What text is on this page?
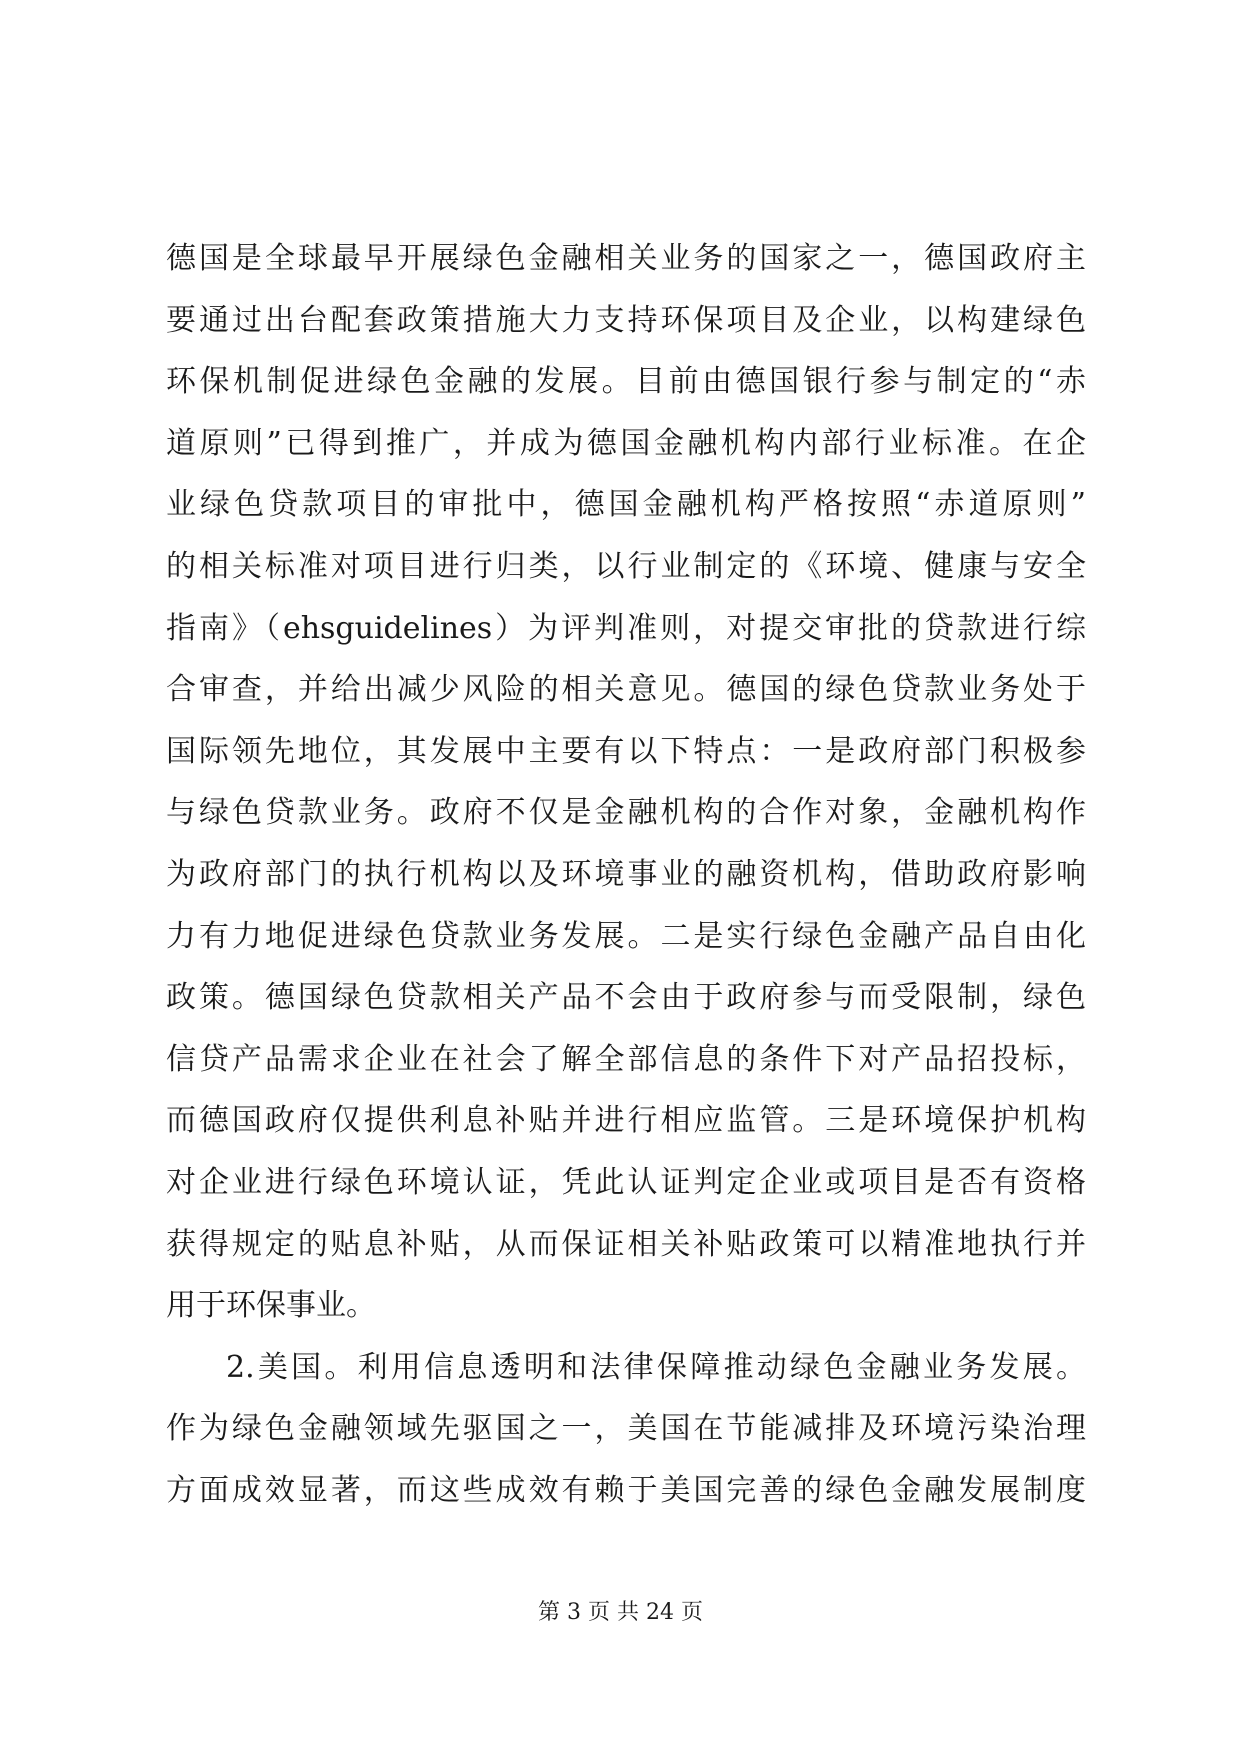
德国是全球最早开展绿色金融相关业务的国家之一，德国政府主
要通过出台配套政策措施大力支持环保项目及企业，以构建绿色
环保机制促进绿色金融的发展。目前由德国银行参与制定的“赤
道原则”已得到推广，并成为德国金融机构内部行业标准。在企
业绿色贷款项目的审批中，德国金融机构严格按照“赤道原则”
的相关标准对项目进行归类，以行业制定的《环境、健康与安全
指南》（ehsguidelines）为评判准则，对提交审批的贷款进行综
合审查，并给出减少风险的相关意见。德国的绿色贷款业务处于
国际领先地位，其发展中主要有以下特点：一是政府部门积极参
与绿色贷款业务。政府不仅是金融机构的合作对象，金融机构作
为政府部门的执行机构以及环境事业的融资机构，借助政府影响
力有力地促进绿色贷款业务发展。二是实行绿色金融产品自由化
政策。德国绿色贷款相关产品不会由于政府参与而受限制，绿色
信贷产品需求企业在社会了解全部信息的条件下对产品招投标，
而德国政府仅提供利息补贴并进行相应监管。三是环境保护机构
对企业进行绿色环境认证，凭此认证判定企业或项目是否有资格
获得规定的贴息补贴，从而保证相关补贴政策可以精准地执行并
用于环保事业。
2.美国。利用信息透明和法律保障推动绿色金融业务发展。
作为绿色金融领域先驱国之一，美国在节能减排及环境污染治理
方面成效显著，而这些成效有赖于美国完善的绿色金融发展制度
第 3 页 共 24 页
